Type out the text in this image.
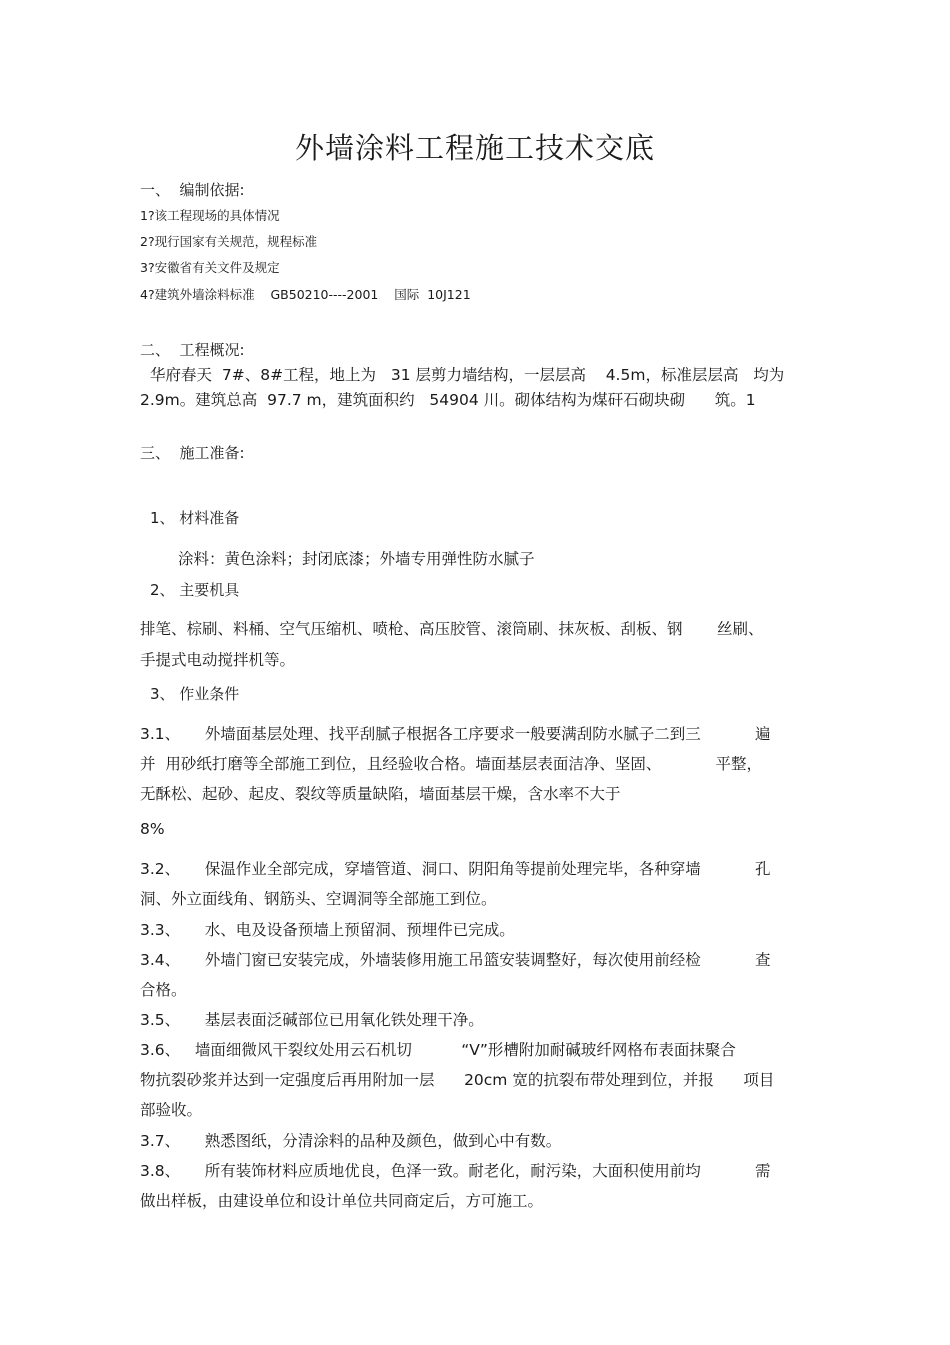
外墙涂料工程施工技术交底
一、  编制依据:
1?该工程现场的具体情况
2?现行国家有关规范，规程标准
3?安徽省有关文件及规定
4?建筑外墙涂料标准    GB50210----2001    国际  10J121
二、  工程概况:
华府春天  7#、8#工程，地上为   31 层剪力墙结构，一层层高    4.5m，标准层层高   均为
2.9m。建筑总高  97.7 m，建筑面积约   54904 川。砌体结构为煤矸石砌块砌      筑。1
三、  施工准备:
1、 材料准备
涂料：黄色涂料；封闭底漆；外墙专用弹性防水腻子
2、 主要机具
排笔、棕刷、料桶、空气压缩机、喷枪、高压胶管、滚筒刷、抹灰板、刮板、钢       丝刷、
手提式电动搅拌机等。
3、 作业条件
3.1、     外墙面基层处理、找平刮腻子根据各工序要求一般要满刮防水腻子二到三           遍
并  用砂纸打磨等全部施工到位，且经验收合格。墙面基层表面洁净、坚固、           平整，
无酥松、起砂、起皮、裂纹等质量缺陷，墙面基层干燥，含水率不大于
8%
3.2、     保温作业全部完成，穿墙管道、洞口、阴阳角等提前处理完毕，各种穿墙           孔
洞、外立面线角、钢筋头、空调洞等全部施工到位。
3.3、     水、电及设备预墙上预留洞、预埋件已完成。
3.4、     外墙门窗已安装完成，外墙装修用施工吊篮安装调整好，每次使用前经检           查
合格。
3.5、     基层表面泛碱部位已用氧化铁处理干净。
3.6、   墙面细微风干裂纹处用云石机切          “V”形槽附加耐碱玻纤网格布表面抹聚合
物抗裂砂浆并达到一定强度后再用附加一层      20cm 宽的抗裂布带处理到位，并报      项目
部验收。
3.7、     熟悉图纸，分清涂料的品种及颜色，做到心中有数。
3.8、     所有装饰材料应质地优良，色泽一致。耐老化，耐污染，大面积使用前均           需
做出样板，由建设单位和设计单位共同商定后，方可施工。
